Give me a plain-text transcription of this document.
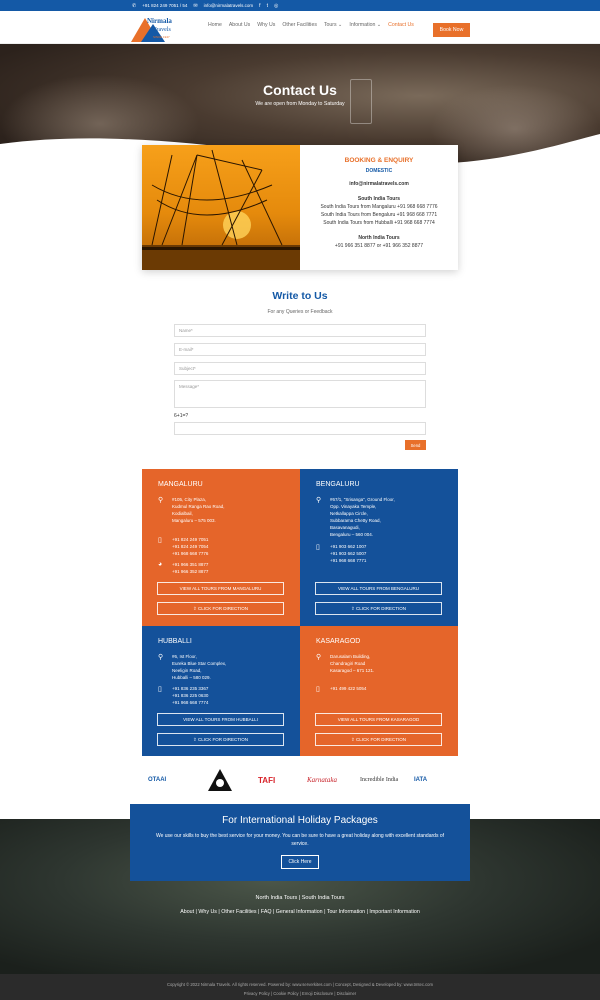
✆ +91 824 249 7051 / 54 ✉ info@nirmalatravels.com f t ◎
Nirmala
Travels
SINCE 1947
Home About Us Why Us Other Facilities Tours ⌄ Information ⌄ Contact Us
Book Now
Contact Us
We are open from Monday to Saturday
BOOKING & ENQUIRY
DOMESTIC
info@nirmalatravels.com
South India Tours
South India Tours from Mangaluru +91 968 668 7776
South India Tours from Bengaluru +91 968 668 7771
South India Tours from Hubballi +91 968 668 7774
North India Tours
+91 966 351 8877 or +91 966 352 8877
Write to Us
For any Queries or Feedback
Name*
E-mail*
Subject*
Message*
6+1=?
Send
MANGALURU
⚲ #105, City Plaza,
Kudmul Ranga Rao Road,
Kodialbail,
Mangaluru – 575 003.
▯ +91 824 249 7051
+91 824 249 7054
+91 968 668 7776
◕ +91 966 351 8877
+91 966 352 8877
VIEW ALL TOURS FROM MANGALURU
⇪ CLICK FOR DIRECTION
BENGALURU
⚲ #67/1, "Srisanga", Ground Floor,
Opp. Vinayaka Temple,
Netkallappa Circle,
Subbarama Chetty Road,
Basavanagudi,
Bengaluru – 560 004.
▯ +91 903 662 1007
+91 903 662 5007
+91 968 668 7771
VIEW ALL TOURS FROM BENGALURU
⇪ CLICK FOR DIRECTION
HUBBALLI
⚲ #6, Ist Floor,
Eureka Blue Star Complex,
Neeligin Road,
Hubballi – 580 029.
▯ +91 836 235 3367
+91 836 225 0630
+91 968 668 7774
VIEW ALL TOURS FROM HUBBALLI
⇪ CLICK FOR DIRECTION
KASARAGOD
⚲ Darusalam Building,
Chandragiri Road
Kasaragod – 671 121.
▯ +91 499 422 5054
VIEW ALL TOURS FROM KASARAGOD
⇪ CLICK FOR DIRECTION
OTAAI	TAFI	Karnataka	Incredible India	IATA
For International Holiday Packages
We use our skills to buy the best service for your money. You can be sure to have a great holiday along with excellent standards of service.
Click Here
North India Tours | South India Tours
About | Why Us | Other Facilities | FAQ | General Information | Tour Information | Important Information
Copyright © 2022 Nirmala Travels. All rights reserved. Powered by: www.serverkites.com | Concept, Designed & Developed by: www.tmtec.com
Privacy Policy | Cookie Policy | Emoji Disclosure | Disclaimer
